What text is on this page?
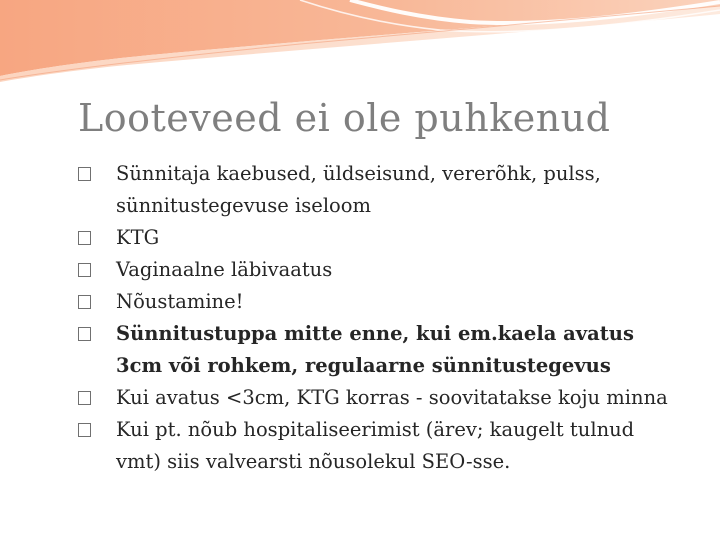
Looteveed ei ole puhkenud
Sünnitaja kaebused, üldseisund, vererõhk, pulss, sünnitustegevuse iseloom
KTG
Vaginaalne läbivaatus
Nõustamine!
Sünnitustuppa mitte enne, kui em.kaela avatus 3cm või rohkem, regulaarne sünnitustegevus
Kui avatus <3cm, KTG korras - soovitatakse koju minna
Kui pt. nõub hospitaliseerimist (ärev; kaugelt tulnud vmt) siis valvearsti nõusolekul SEO-sse.
